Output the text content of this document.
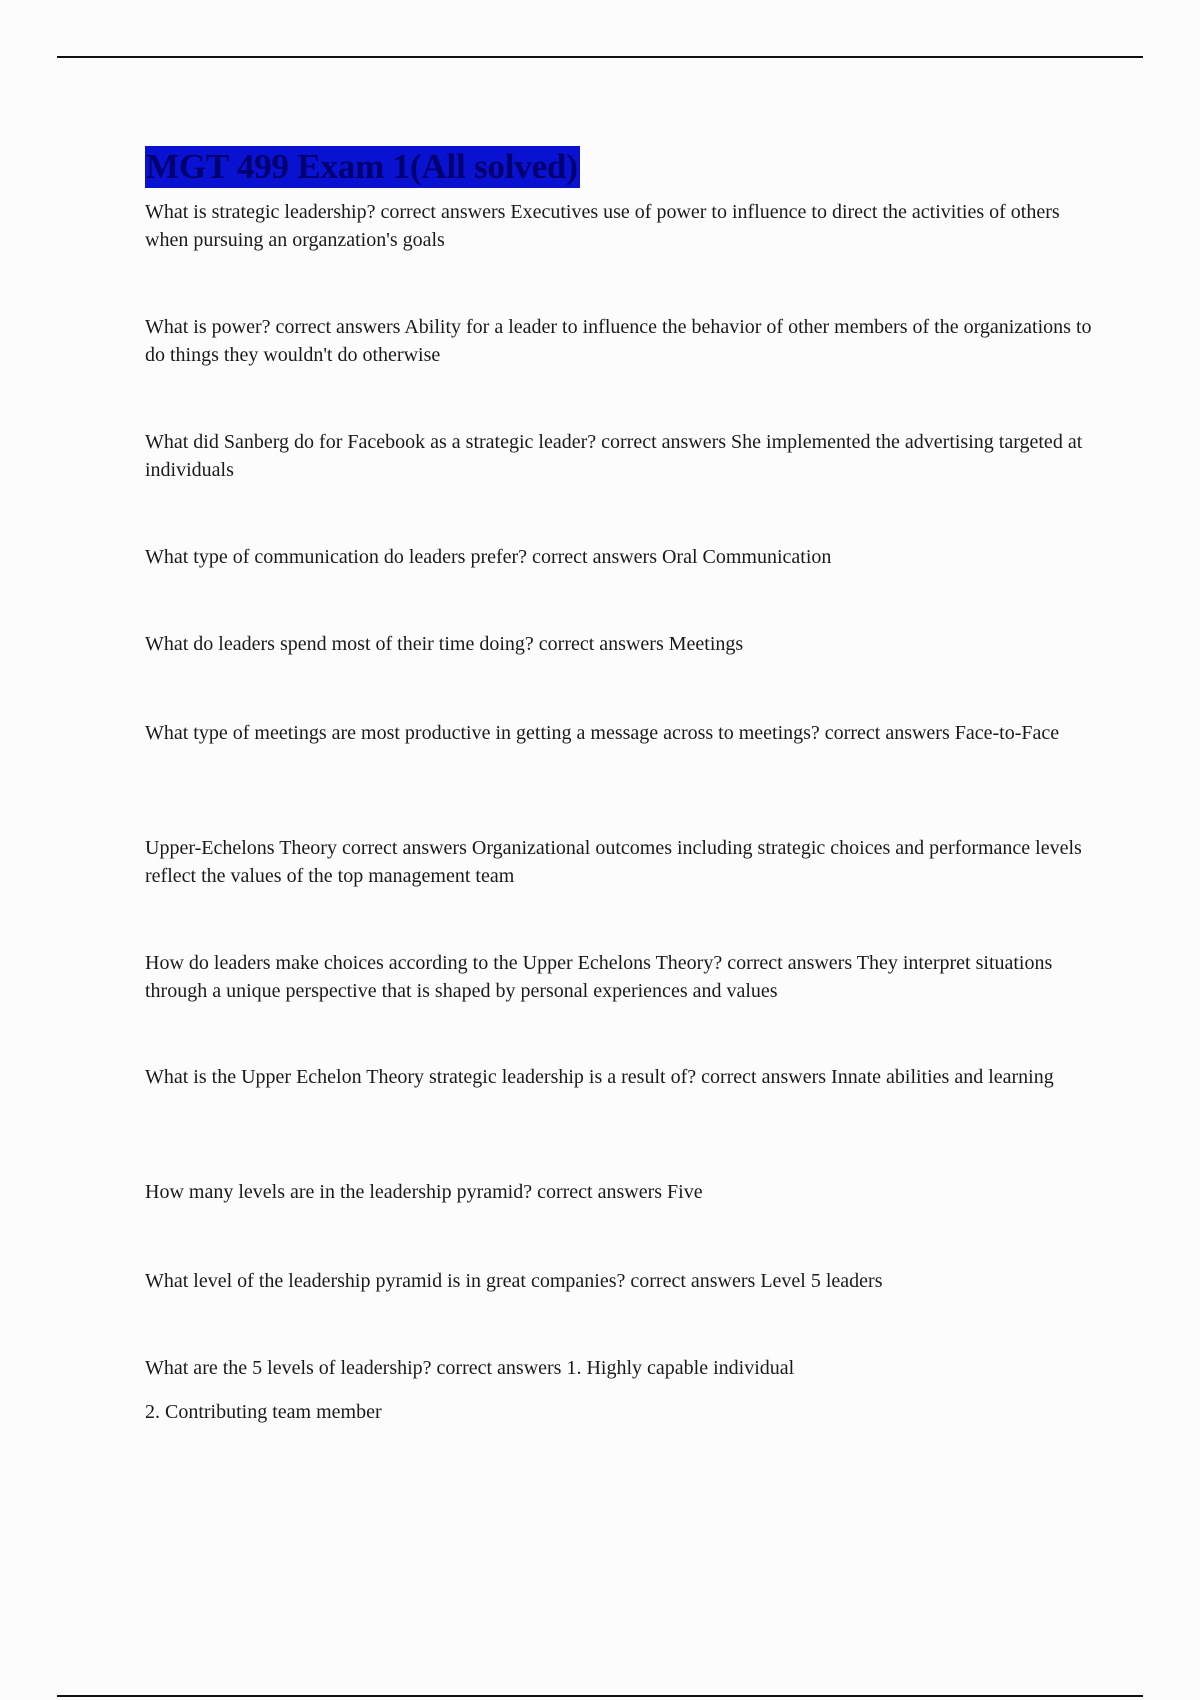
MGT 499 Exam 1(All solved)

What is strategic leadership? correct answers Executives use of power to influence to direct the activities of others when pursuing an organzation's goals

What is power? correct answers Ability for a leader to influence the behavior of other members of the organizations to do things they wouldn't do otherwise

What did Sanberg do for Facebook as a strategic leader? correct answers She implemented the advertising targeted at individuals

What type of communication do leaders prefer? correct answers Oral Communication

What do leaders spend most of their time doing? correct answers Meetings

What type of meetings are most productive in getting a message across to meetings? correct answers Face-to-Face

Upper-Echelons Theory correct answers Organizational outcomes including strategic choices and performance levels reflect the values of the top management team

How do leaders make choices according to the Upper Echelons Theory? correct answers They interpret situations through a unique perspective that is shaped by personal experiences and values

What is the Upper Echelon Theory strategic leadership is a result of? correct answers Innate abilities and learning

How many levels are in the leadership pyramid? correct answers Five

What level of the leadership pyramid is in great companies? correct answers Level 5 leaders

What are the 5 levels of leadership? correct answers 1. Highly capable individual

2. Contributing team member
